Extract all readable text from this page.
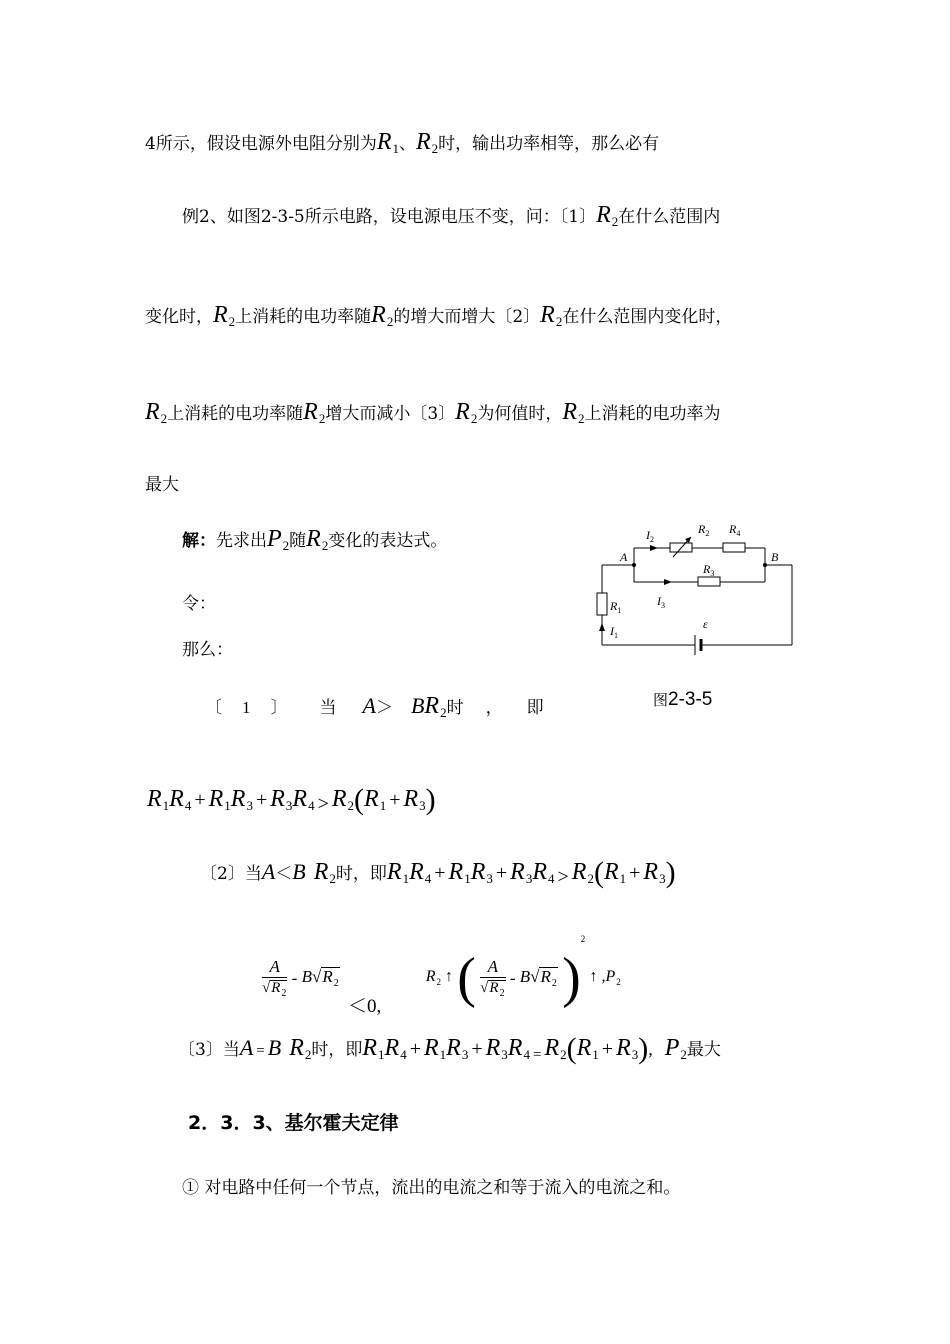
4所示，假设电源外电阻分别为$R_1$、$R_2$时，输出功率相等，那么必有
例2、如图2-3-5所示电路，设电源电压不变，问：〔1〕$R_2$在什么范围内
变化时，$R_2$上消耗的电功率随$R_2$的增大而增大〔2〕$R_2$在什么范围内变化时，
$R_2$上消耗的电功率随$R_2$增大而减小〔3〕$R_2$为何值时，$R_2$上消耗的电功率为
最大
解：先求出$P_2$随$R_2$变化的表达式。
令：
那么：
〔 1 〕 当 $A> BR_2$时 ， 即
$R_1R_4 + R_1R_3 + R_3R_4 > R_2(R_1 + R_3)$
〔2〕当A＜B $R_2$时，即$R_1R_4 + R_1R_3 + R_3R_4 > R_2(R_1 + R_3)$
$\frac{A}{√R_2} - B√R_2 <0$,  $R_2$ ↑ ( $\frac{A}{√R_2} - B√R_2$ )$^2$ ↑ $,P_2$
〔3〕当A = B $R_2$时，即$R_1R_4 + R_1R_3 + R_3R_4 = R_2(R_1 + R_3)$, $P_2$最大
2．3．3、基尔霍夫定律
① 对电路中任何一个节点，流出的电流之和等于流入的电流之和。
A	B
$I_2$
$R_2$ $R_4$
$R_3$
$I_3$
$R_1$
$I_1$
ε
图2-3-5
